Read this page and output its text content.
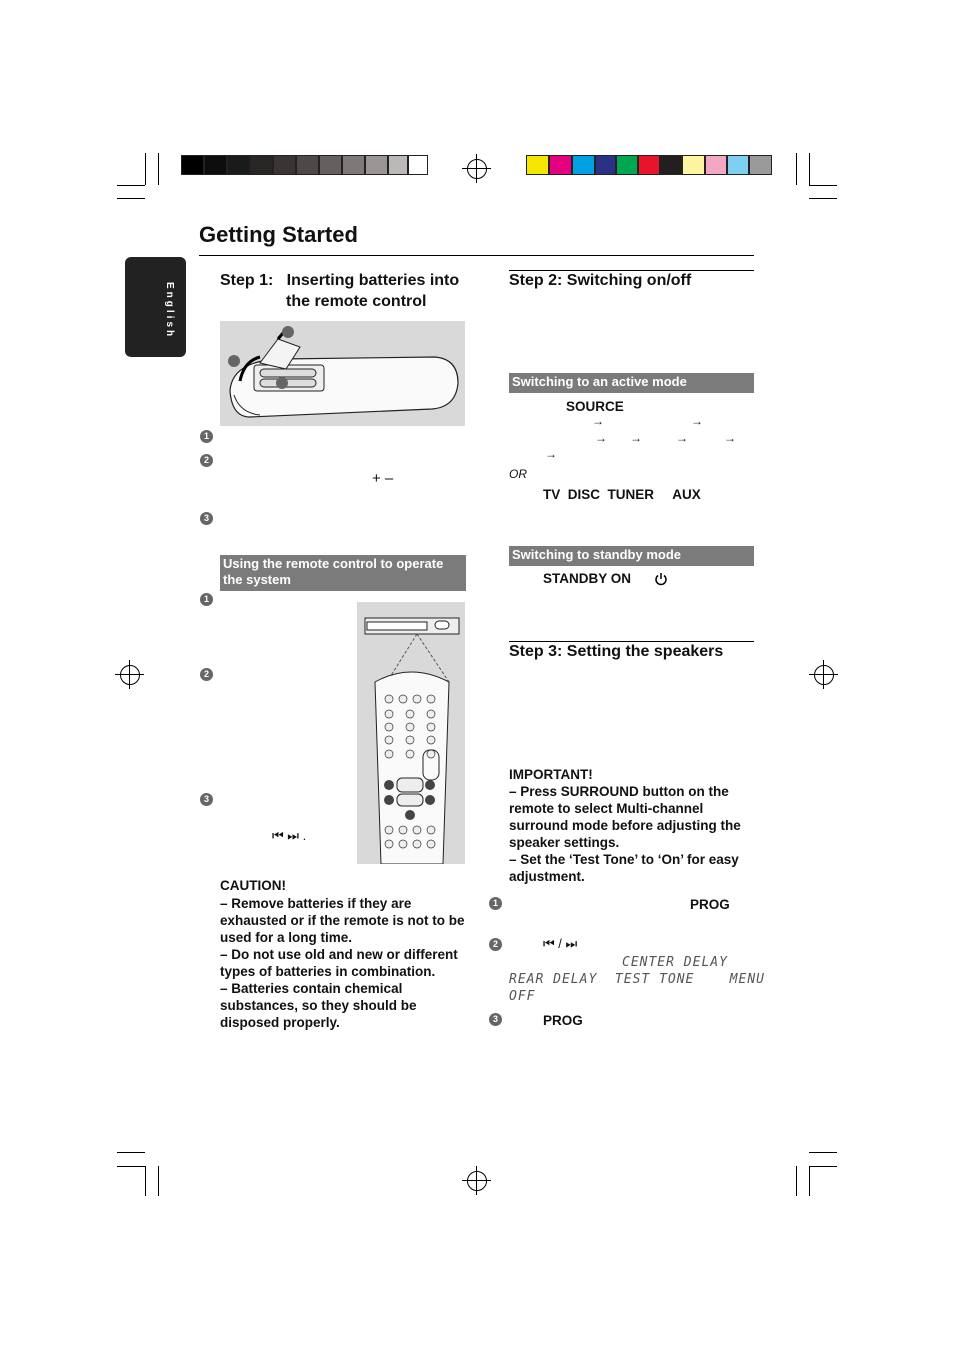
Getting Started
English
Step 1:   Inserting batteries into
the remote control
1
2
+ –
3
Using the remote control to operate the system
1
2
3
⏮ ⏭ .
CAUTION!
– Remove batteries if they are exhausted or if the remote is not to be used for a long time.
– Do not use old and new or different types of batteries in combination.
– Batteries contain chemical substances, so they should be disposed properly.
Step 2: Switching on/off
Switching to an active mode
SOURCE
→	→
→ →	→	→
→
OR
TV  DISC  TUNER     AUX
Switching to standby mode
STANDBY ON
Step 3: Setting the speakers
IMPORTANT!
– Press SURROUND button on the remote to select Multi-channel surround mode before adjusting the speaker settings.
– Set the ‘Test Tone’ to ‘On’ for easy adjustment.
1	PROG
2	⏮ / ⏭
CENTER DELAY
REAR DELAY  TEST TONE    MENU
OFF
3	PROG
